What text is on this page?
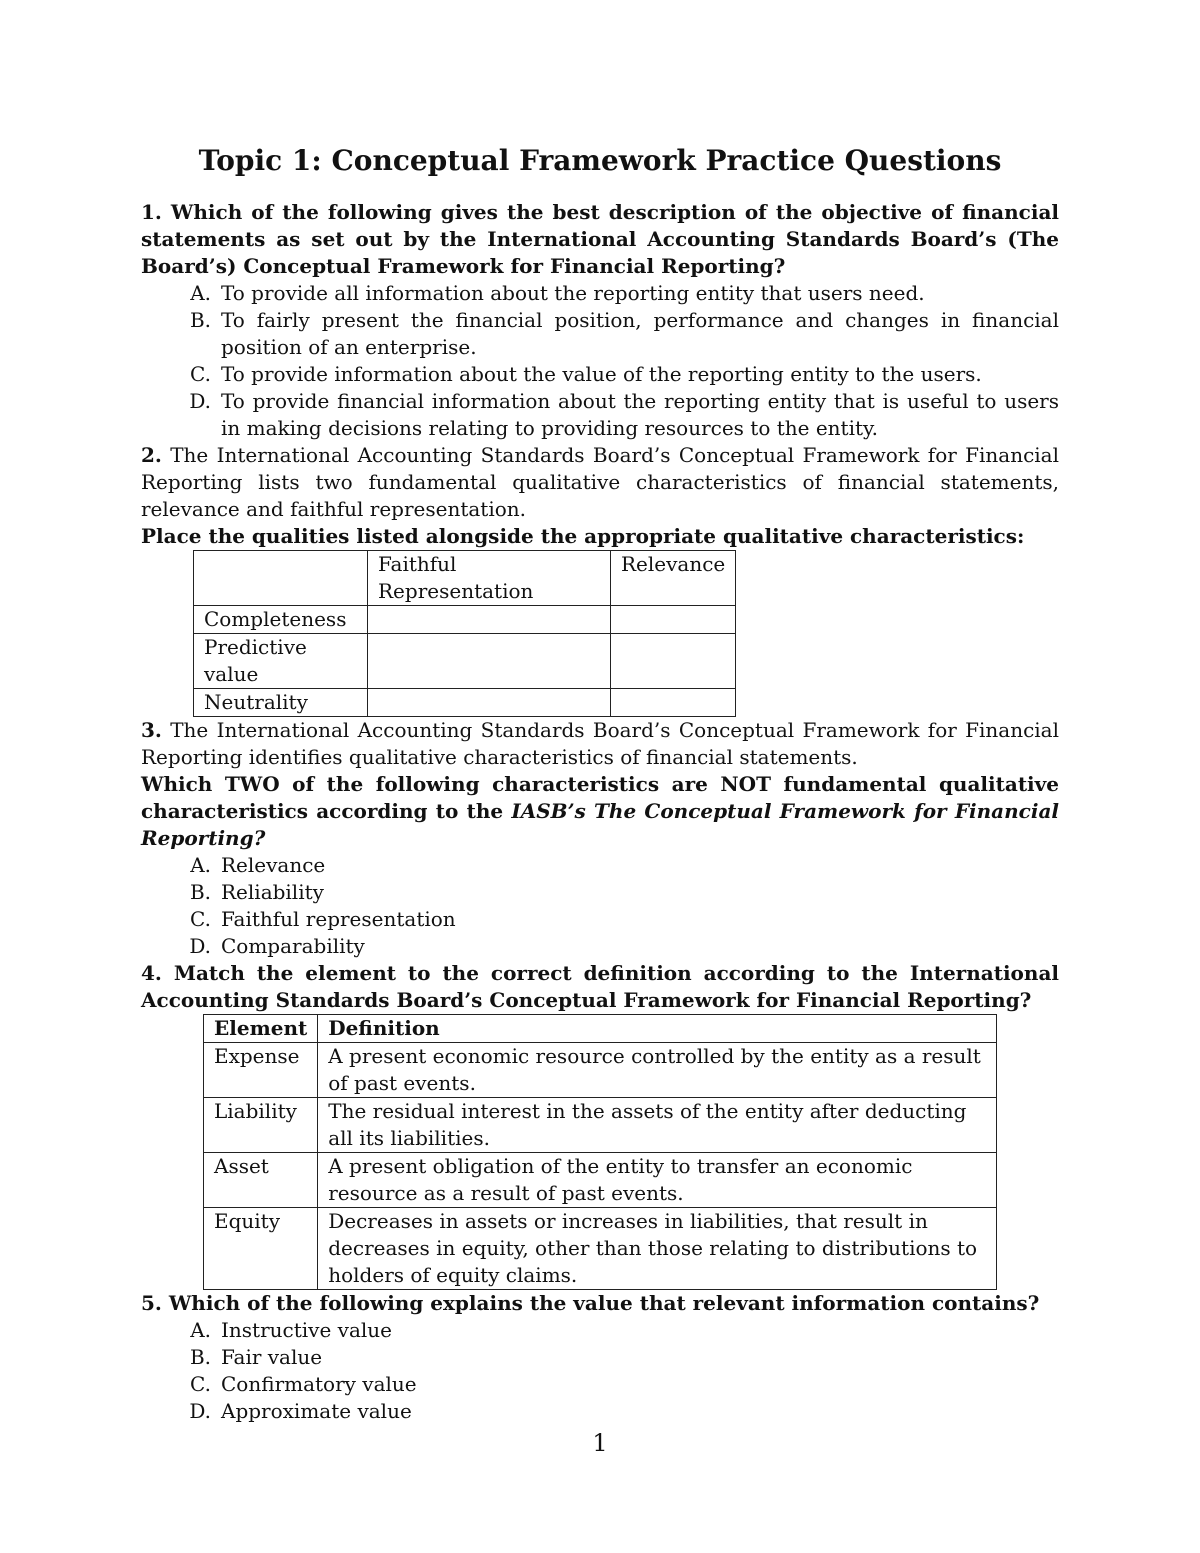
Topic 1: Conceptual Framework Practice Questions

1. Which of the following gives the best description of the objective of financial statements as set out by the International Accounting Standards Board’s (The Board’s) Conceptual Framework for Financial Reporting?

A. To provide all information about the reporting entity that users need.
B. To fairly present the financial position, performance and changes in financial position of an enterprise.
C. To provide information about the value of the reporting entity to the users.
D. To provide financial information about the reporting entity that is useful to users in making decisions relating to providing resources to the entity.

2. The International Accounting Standards Board’s Conceptual Framework for Financial Reporting lists two fundamental qualitative characteristics of financial statements, relevance and faithful representation.

Place the qualities listed alongside the appropriate qualitative characteristics:

	Faithful Representation	Relevance
Completeness		
Predictive value		
Neutrality		

3. The International Accounting Standards Board’s Conceptual Framework for Financial Reporting identifies qualitative characteristics of financial statements.

Which TWO of the following characteristics are NOT fundamental qualitative characteristics according to the IASB’s The Conceptual Framework for Financial Reporting?

A. Relevance
B. Reliability
C. Faithful representation
D. Comparability

4. Match the element to the correct definition according to the International Accounting Standards Board’s Conceptual Framework for Financial Reporting?

Element	Definition
Expense	A present economic resource controlled by the entity as a result of past events.
Liability	The residual interest in the assets of the entity after deducting all its liabilities.
Asset	A present obligation of the entity to transfer an economic resource as a result of past events.
Equity	Decreases in assets or increases in liabilities, that result in decreases in equity, other than those relating to distributions to holders of equity claims.

5. Which of the following explains the value that relevant information contains?

A. Instructive value
B. Fair value
C. Confirmatory value
D. Approximate value
1
